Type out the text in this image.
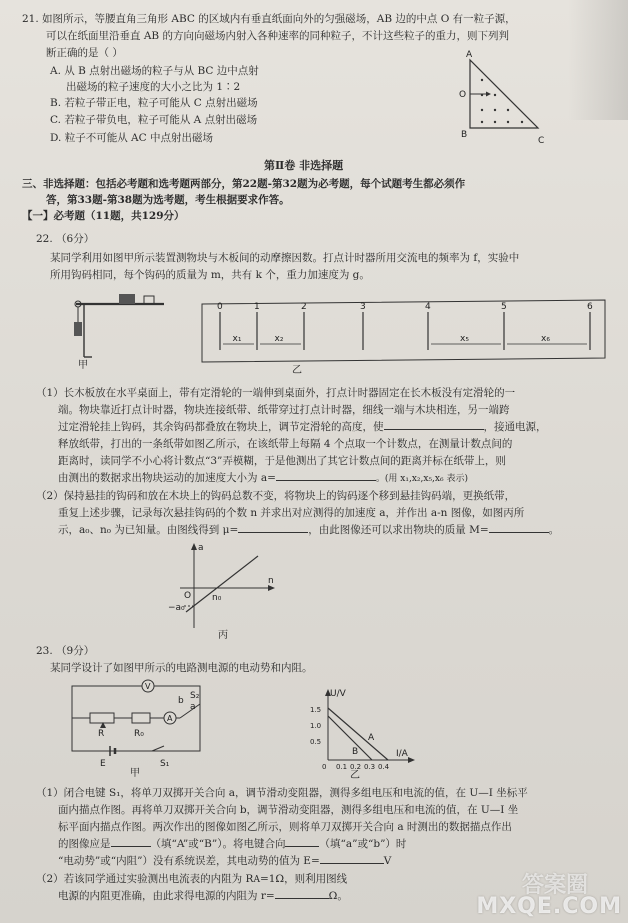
21. 如图所示，等腰直角三角形 ABC 的区域内有垂直纸面向外的匀强磁场，AB 边的中点 O 有一粒子源，
可以在纸面里沿垂直 AB 的方向向磁场内射入各种速率的同种粒子，不计这些粒子的重力，则下列判
断正确的是（ ）
A. 从 B 点射出磁场的粒子与从 BC 边中点射
出磁场的粒子速度的大小之比为 1∶2
B. 若粒子带正电，粒子可能从 C 点射出磁场
C. 若粒子带负电，粒子可能从 A 点射出磁场
D. 粒子不可能从 AC 中点射出磁场
A
O
B
C
第Ⅱ卷 非选择题
三、非选择题：包括必考题和选考题两部分，第22题-第32题为必考题，每个试题考生都必须作
答，第33题-第38题为选考题，考生根据要求作答。
【一】必考题（11题，共129分）
22. （6分）
某同学利用如图甲所示装置测物块与木板间的动摩擦因数。打点计时器所用交流电的频率为 f，实验中
所用钩码相同，每个钩码的质量为 m，共有 k 个，重力加速度为 g。
甲
0	1	2	3	4	5	6
x₁	x₂	x₅	x₆
乙
（1）长木板放在水平桌面上，带有定滑轮的一端伸到桌面外，打点计时器固定在长木板没有定滑轮的一
端。物块靠近打点计时器，物块连接纸带、纸带穿过打点计时器，细线一端与木块相连，另一端跨
过定滑轮挂上钩码，其余钩码都叠放在物块上，调节定滑轮的高度，使	，接通电源，
释放纸带，打出的一条纸带如图乙所示，在该纸带上每隔 4 个点取一个计数点，在测量计数点间的
距离时，读同学不小心将计数点“3”弄模糊，于是他测出了其它计数点间的距离并标在纸带上，则
由测出的数据求出物块运动的加速度大小为 a=	。(用 x₁,x₂,x₅,x₆ 表示)
（2）保持悬挂的钩码和放在木块上的钩码总数不变，将物块上的钩码逐个移到悬挂钩码端，更换纸带，
重复上述步骤，记录每次悬挂钩码的个数 n 并求出对应测得的加速度 a，并作出 a-n 图像，如图丙所
示，a₀、n₀ 为已知量。由图线得到 μ=	，由此图像还可以求出物块的质量 M=	。
a
n
O n₀
−a₀
丙
23. （9分）
某同学设计了如图甲所示的电路测电源的电动势和内阻。
V
A
R	R₀
E	S₁
S₂
a
b
甲
U/V
I/A
1.5
1.0
0.5
0 0.1 0.2 0.3 0.4
A
B
乙
（1）闭合电键 S₁，将单刀双掷开关合向 a，调节滑动变阻器，测得多组电压和电流的值，在 U—I 坐标平
面内描点作图。再将单刀双掷开关合向 b，调节滑动变阻器，测得多组电压和电流的值，在 U—I 坐
标平面内描点作图。两次作出的图像如图乙所示，则将单刀双掷开关合向 a 时测出的数据描点作出
的图像应是	（填“A”或“B”）。将电键合向	（填“a”或“b”）时
“电动势”或“内阻”）没有系统误差，其电动势的值为 E=	V
（2）若该同学通过实验测出电流表的内阻为 RA=1Ω，则利用图线
电源的内阻更准确，由此求得电源的内阻为 r=	Ω。	答案圈
MXQE.COM
